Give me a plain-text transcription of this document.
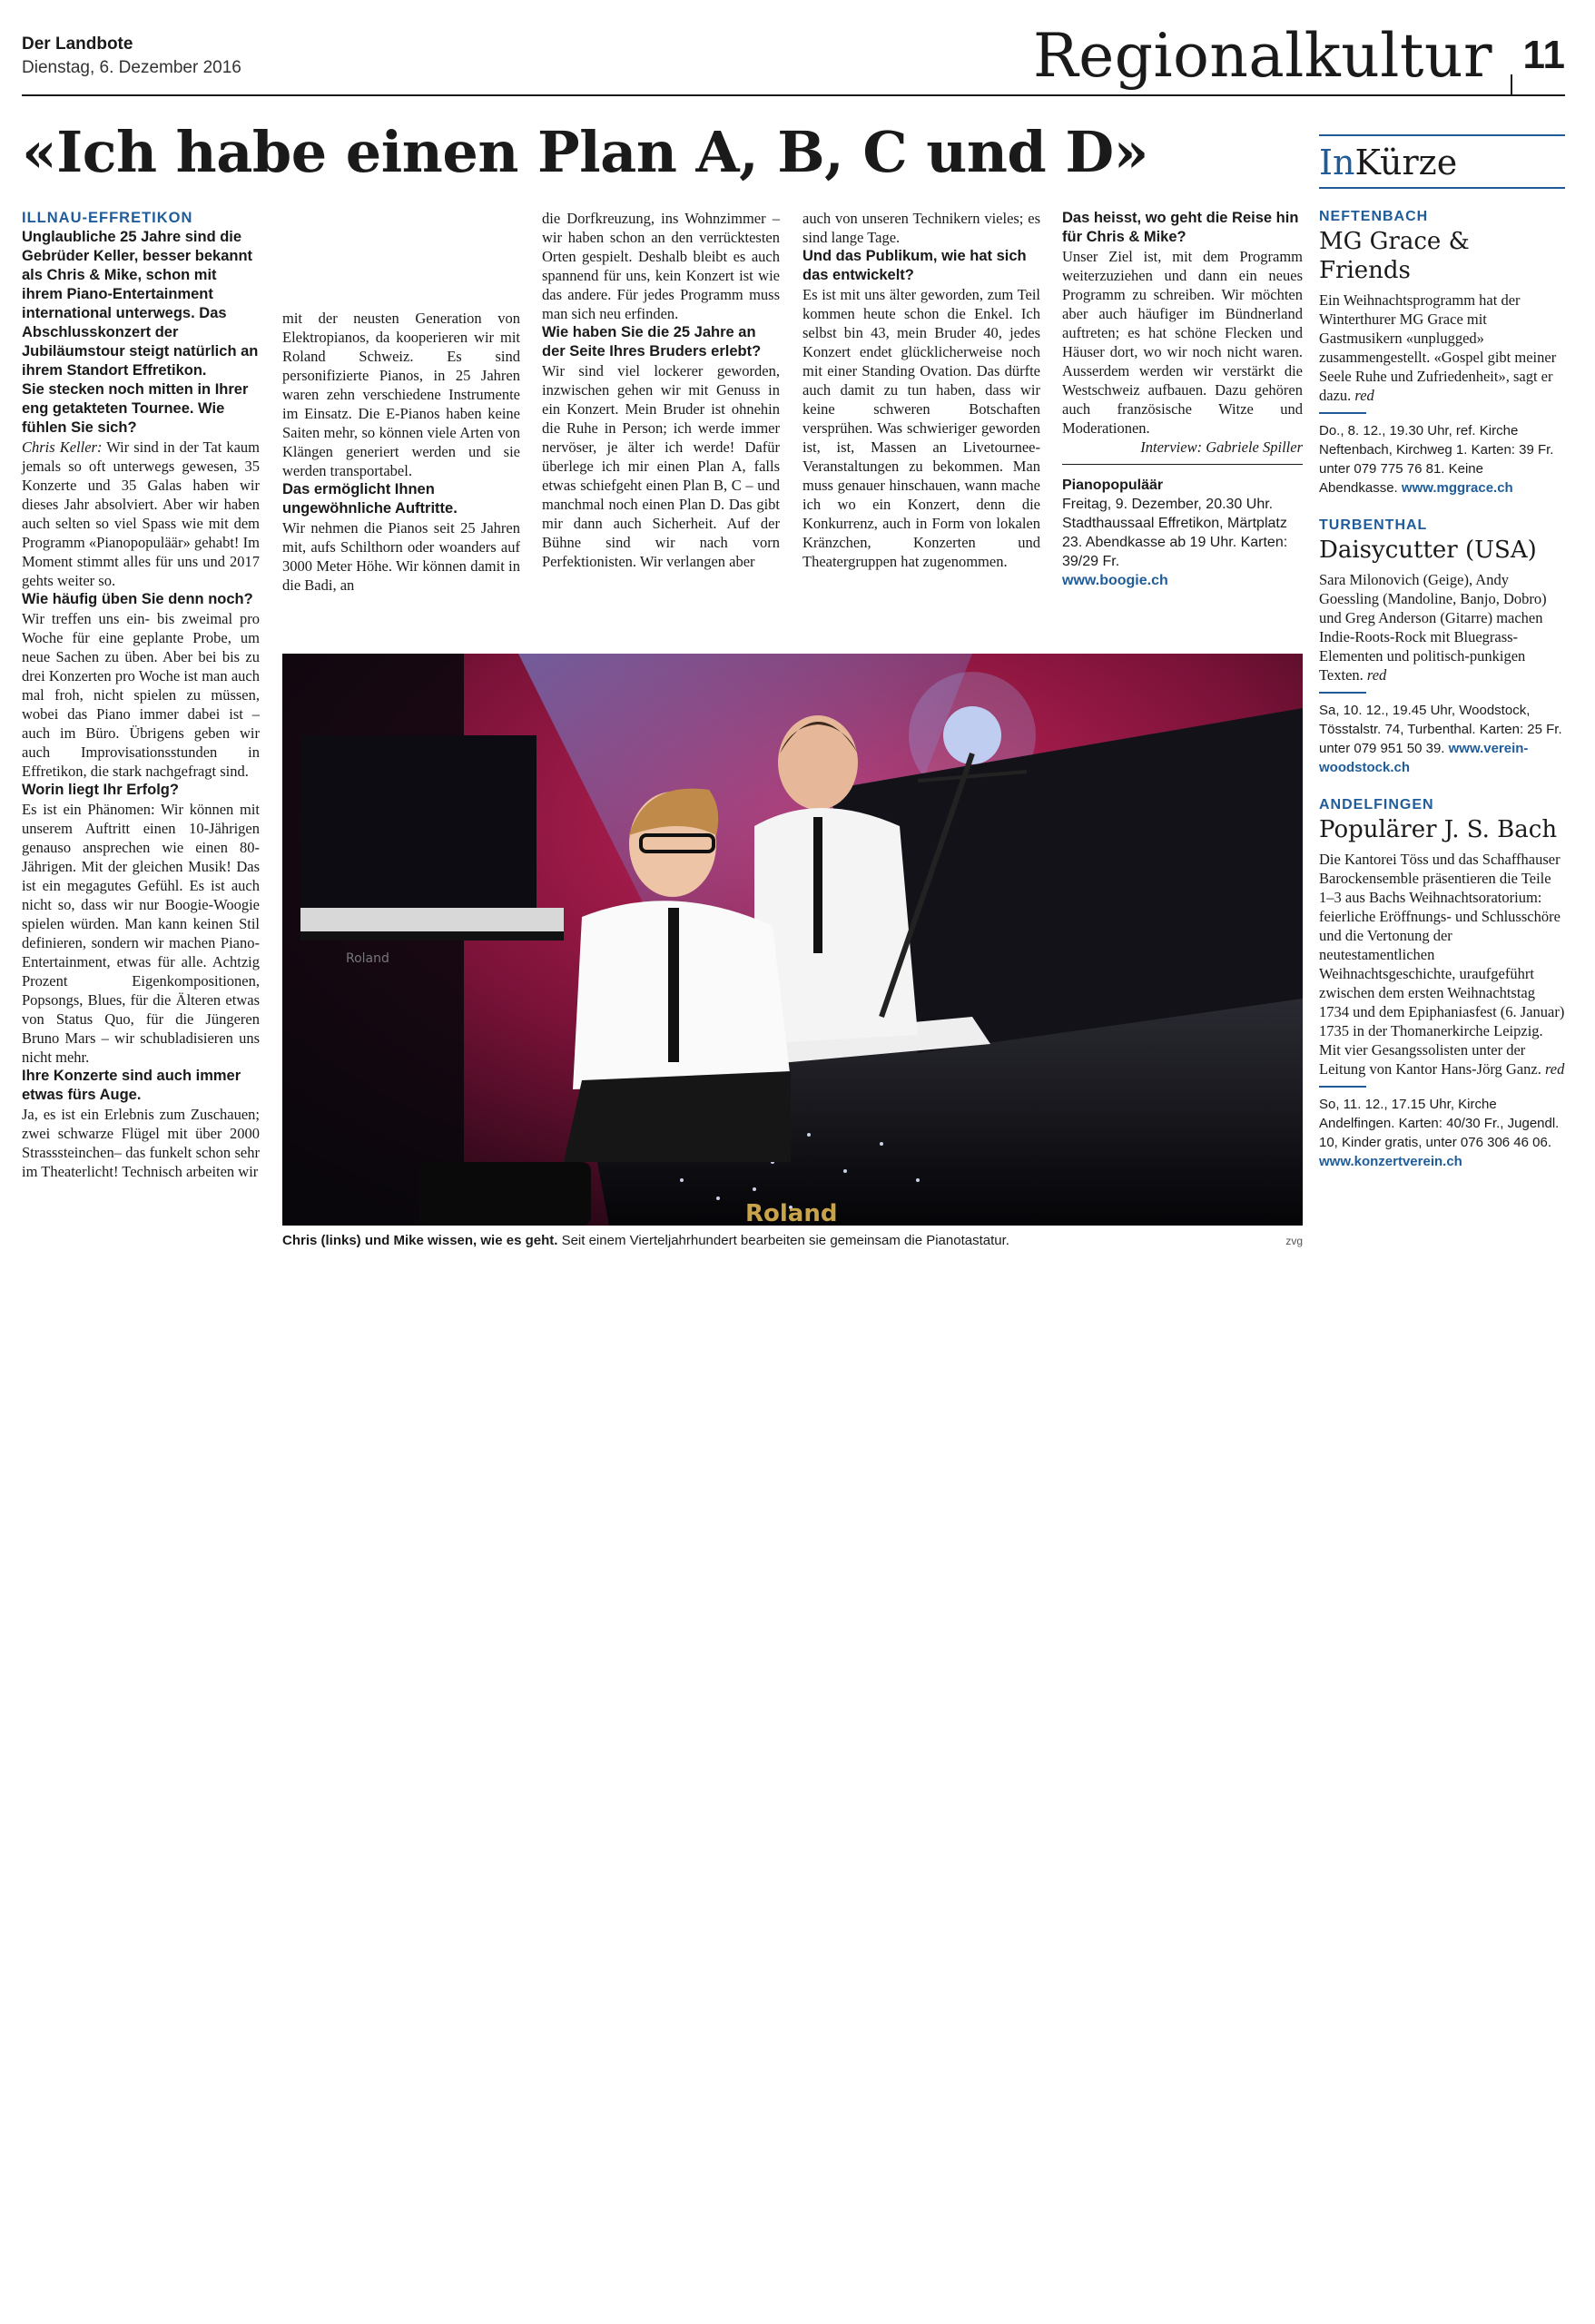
Der Landbote
Dienstag, 6. Dezember 2016	Regionalkultur 11
«Ich habe einen Plan A, B, C und D»

ILLNAU-EFFRETIKON Unglaubliche 25 Jahre sind die Gebrüder Keller, besser bekannt als Chris & Mike, schon mit ihrem Piano-Entertainment international unterwegs. Das Abschlusskonzert der Jubiläumstour steigt natürlich an ihrem Standort Effretikon.

Sie stecken noch mitten in Ihrer eng getakteten Tournee. Wie fühlen Sie sich?

Chris Keller: Wir sind in der Tat kaum jemals so oft unterwegs gewesen, 35 Konzerte und 35 Galas haben wir dieses Jahr absolviert. Aber wir haben auch selten so viel Spass wie mit dem Programm «Pianopopuläär» gehabt! Im Moment stimmt alles für uns und 2017 gehts weiter so.

Wie häufig üben Sie denn noch?

Wir treffen uns ein- bis zweimal pro Woche für eine geplante Probe, um neue Sachen zu üben. Aber bei bis zu drei Konzerten pro Woche ist man auch mal froh, nicht spielen zu müssen, wobei das Piano immer dabei ist – auch im Büro. Übrigens geben wir auch Improvisationsstunden in Effretikon, die stark nachgefragt sind.

Worin liegt Ihr Erfolg?

Es ist ein Phänomen: Wir können mit unserem Auftritt einen 10-Jährigen genauso ansprechen wie einen 80-Jährigen. Mit der gleichen Musik! Das ist ein megagutes Gefühl. Es ist auch nicht so, dass wir nur Boogie-Woogie spielen würden. Man kann keinen Stil definieren, sondern wir machen Piano-Entertainment, etwas für alle. Achtzig Prozent Eigenkompositionen, Popsongs, Blues, für die Älteren etwas von Status Quo, für die Jüngeren Bruno Mars – wir schubladisieren uns nicht mehr.

Ihre Konzerte sind auch immer etwas fürs Auge.

Ja, es ist ein Erlebnis zum Zuschauen; zwei schwarze Flügel mit über 2000 Strasssteinchen– das funkelt schon sehr im Theaterlicht! Technisch arbeiten wir

mit der neusten Generation von Elektropianos, da kooperieren wir mit Roland Schweiz. Es sind personifizierte Pianos, in 25 Jahren waren zehn verschiedene Instrumente im Einsatz. Die E-Pianos haben keine Saiten mehr, so können viele Arten von Klängen generiert werden und sie werden transportabel.

Das ermöglicht Ihnen ungewöhnliche Auftritte.

Wir nehmen die Pianos seit 25 Jahren mit, aufs Schilthorn oder woanders auf 3000 Meter Höhe. Wir können damit in die Badi, an

die Dorfkreuzung, ins Wohnzimmer – wir haben schon an den verrücktesten Orten gespielt. Deshalb bleibt es auch spannend für uns, kein Konzert ist wie das andere. Für jedes Programm muss man sich neu erfinden.

Wie haben Sie die 25 Jahre an der Seite Ihres Bruders erlebt?

Wir sind viel lockerer geworden, inzwischen gehen wir mit Genuss in ein Konzert. Mein Bruder ist ohnehin die Ruhe in Person; ich werde immer nervöser, je älter ich werde! Dafür überlege ich mir einen Plan A, falls etwas schiefgeht einen Plan B, C – und manchmal noch einen Plan D. Das gibt mir dann auch Sicherheit. Auf der Bühne sind wir nach vorn Perfektionisten. Wir verlangen aber

auch von unseren Technikern vieles; es sind lange Tage.

Und das Publikum, wie hat sich das entwickelt?

Es ist mit uns älter geworden, zum Teil kommen heute schon die Enkel. Ich selbst bin 43, mein Bruder 40, jedes Konzert endet glücklicherweise noch mit einer Standing Ovation. Das dürfte auch damit zu tun haben, dass wir keine schweren Botschaften versprühen. Was schwieriger geworden ist, ist, Massen an Livetournee-Veranstaltungen zu bekommen. Man muss genauer hinschauen, wann mache ich wo ein Konzert, denn die Konkurrenz, auch in Form von lokalen Kränzchen, Konzerten und Theatergruppen hat zugenommen.

Das heisst, wo geht die Reise hin für Chris & Mike?

Unser Ziel ist, mit dem Programm weiterzuziehen und dann ein neues Programm zu schreiben. Wir möchten aber auch häufiger im Bündnerland auftreten; es hat schöne Flecken und Häuser dort, wo wir noch nicht waren. Ausserdem werden wir verstärkt die Westschweiz aufbauen. Dazu gehören auch französische Witze und Moderationen.

Interview: Gabriele Spiller

Pianopopuläär

Freitag, 9. Dezember, 20.30 Uhr. Stadthaussaal Effretikon, Märtplatz 23. Abendkasse ab 19 Uhr. Karten: 39/29 Fr.

www.boogie.ch

Roland
Roland
Chris (links) und Mike wissen, wie es geht. Seit einem Vierteljahrhundert bearbeiten sie gemeinsam die Pianotastatur.	zvg
InKürze
NEFTENBACH
MG Grace & Friends
Ein Weihnachtsprogramm hat der Winterthurer MG Grace mit Gastmusikern «unplugged» zusammengestellt. «Gospel gibt meiner Seele Ruhe und Zufriedenheit», sagt er dazu. red
Do., 8. 12., 19.30 Uhr, ref. Kirche Neftenbach, Kirchweg 1. Karten: 39 Fr. unter 079 775 76 81. Keine Abendkasse. www.mggrace.ch
TURBENTHAL
Daisycutter (USA)
Sara Milonovich (Geige), Andy Goessling (Mandoline, Banjo, Dobro) und Greg Anderson (Gitarre) machen Indie-Roots-Rock mit Bluegrass-Elementen und politisch-punkigen Texten. red
Sa, 10. 12., 19.45 Uhr, Woodstock, Tösstalstr. 74, Turbenthal. Karten: 25 Fr. unter 079 951 50 39. www.verein-woodstock.ch
ANDELFINGEN
Populärer J. S. Bach
Die Kantorei Töss und das Schaffhauser Barockensemble präsentieren die Teile 1–3 aus Bachs Weihnachtsoratorium: feierliche Eröffnungs- und Schlusschöre und die Vertonung der neutestamentlichen Weihnachtsgeschichte, uraufgeführt zwischen dem ersten Weihnachtstag 1734 und dem Epiphaniasfest (6. Januar) 1735 in der Thomanerkirche Leipzig. Mit vier Gesangssolisten unter der Leitung von Kantor Hans-Jörg Ganz. red
So, 11. 12., 17.15 Uhr, Kirche Andelfingen. Karten: 40/30 Fr., Jugendl. 10, Kinder gratis, unter 076 306 46 06. www.konzertverein.ch
